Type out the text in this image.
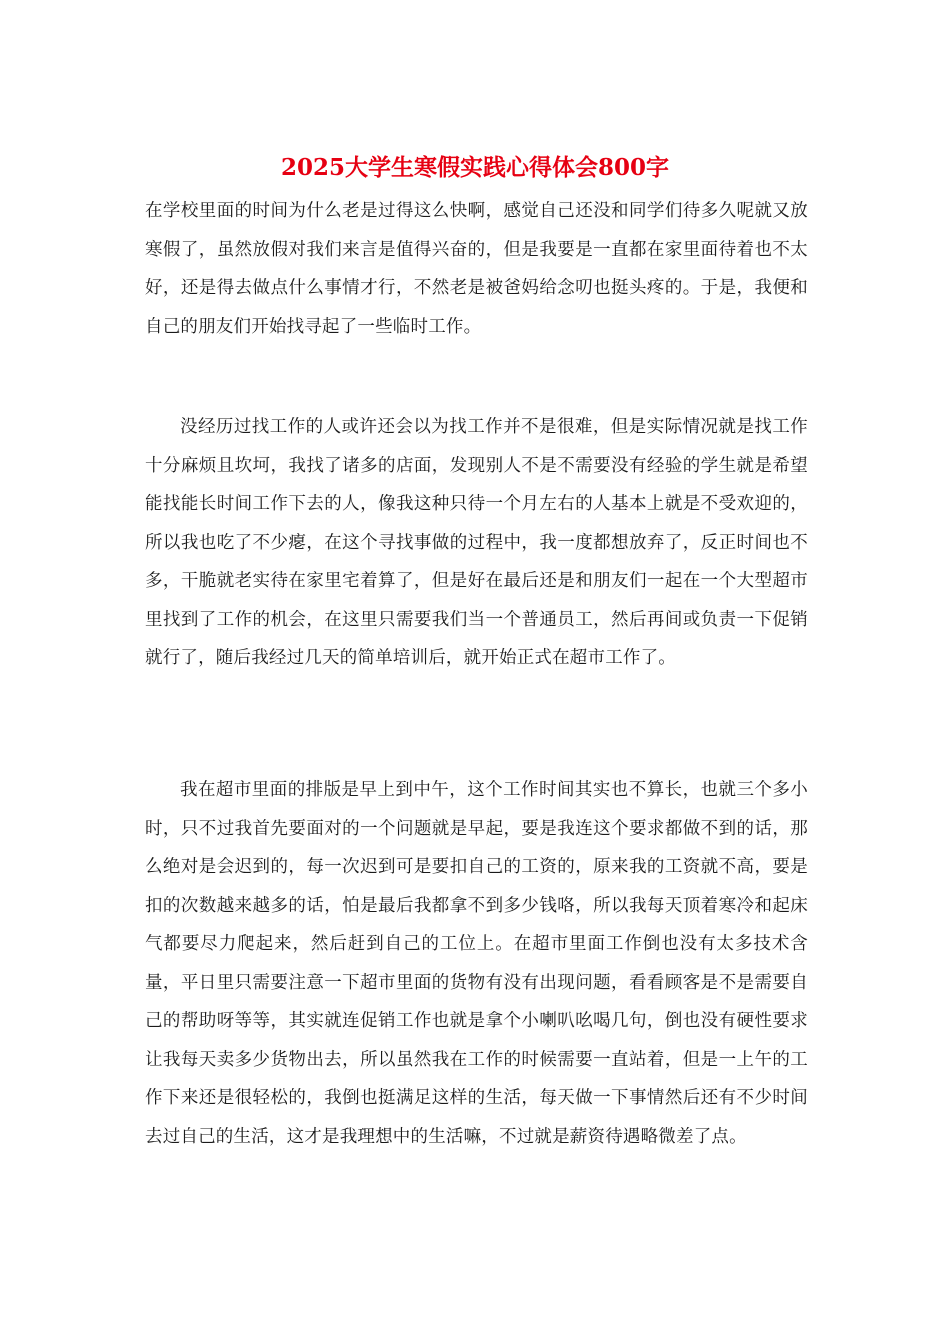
2025大学生寒假实践心得体会800字

在学校里面的时间为什么老是过得这么快啊，感觉自己还没和同学们待多久呢就又放寒假了，虽然放假对我们来言是值得兴奋的，但是我要是一直都在家里面待着也不太好，还是得去做点什么事情才行，不然老是被爸妈给念叨也挺头疼的。于是，我便和自己的朋友们开始找寻起了一些临时工作。

没经历过找工作的人或许还会以为找工作并不是很难，但是实际情况就是找工作十分麻烦且坎坷，我找了诸多的店面，发现别人不是不需要没有经验的学生就是希望能找能长时间工作下去的人，像我这种只待一个月左右的人基本上就是不受欢迎的，所以我也吃了不少瘪，在这个寻找事做的过程中，我一度都想放弃了，反正时间也不多，干脆就老实待在家里宅着算了，但是好在最后还是和朋友们一起在一个大型超市里找到了工作的机会，在这里只需要我们当一个普通员工，然后再间或负责一下促销就行了，随后我经过几天的简单培训后，就开始正式在超市工作了。

我在超市里面的排版是早上到中午，这个工作时间其实也不算长，也就三个多小时，只不过我首先要面对的一个问题就是早起，要是我连这个要求都做不到的话，那么绝对是会迟到的，每一次迟到可是要扣自己的工资的，原来我的工资就不高，要是扣的次数越来越多的话，怕是最后我都拿不到多少钱咯，所以我每天顶着寒冷和起床气都要尽力爬起来，然后赶到自己的工位上。在超市里面工作倒也没有太多技术含量，平日里只需要注意一下超市里面的货物有没有出现问题，看看顾客是不是需要自己的帮助呀等等，其实就连促销工作也就是拿个小喇叭吆喝几句，倒也没有硬性要求让我每天卖多少货物出去，所以虽然我在工作的时候需要一直站着，但是一上午的工作下来还是很轻松的，我倒也挺满足这样的生活，每天做一下事情然后还有不少时间去过自己的生活，这才是我理想中的生活嘛，不过就是薪资待遇略微差了点。
